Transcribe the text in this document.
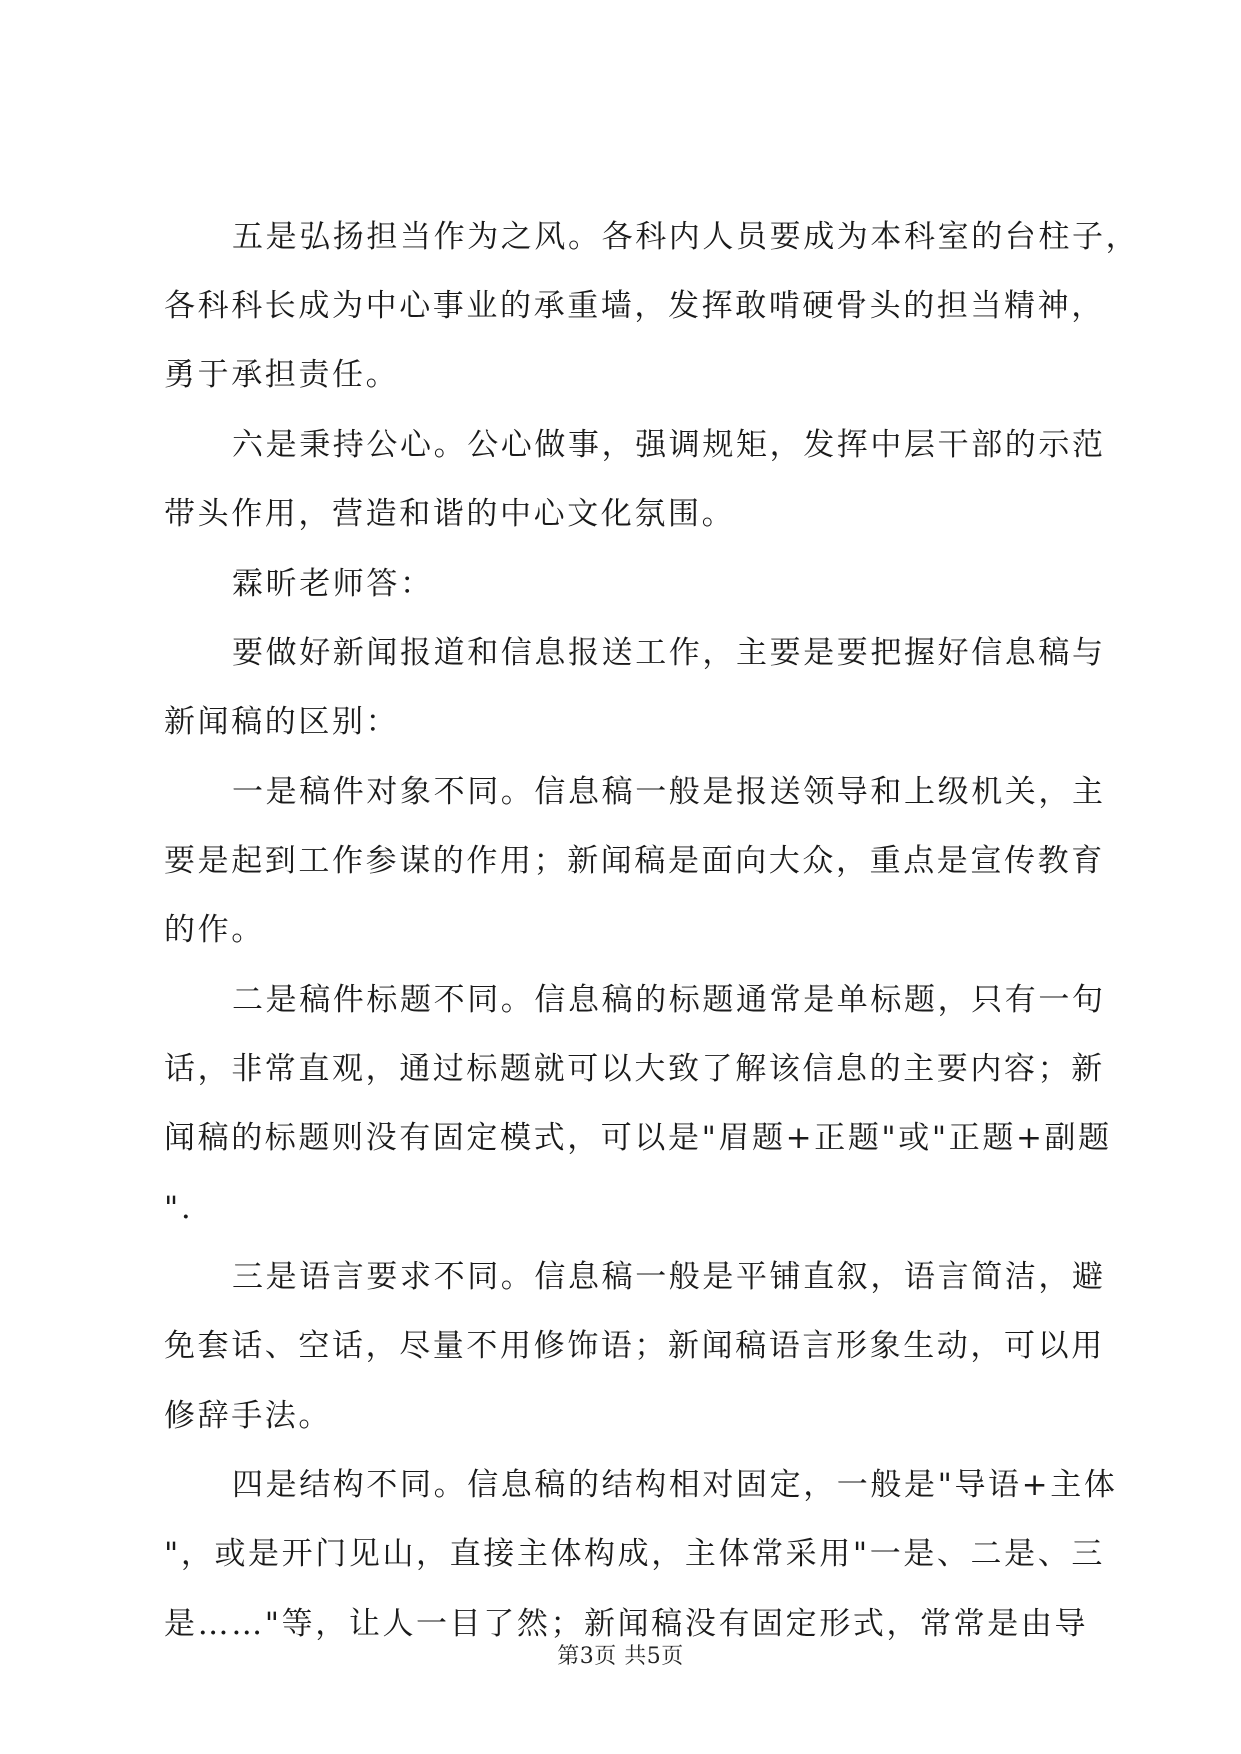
五是弘扬担当作为之风。各科内人员要成为本科室的台柱子，
各科科长成为中心事业的承重墙，发挥敢啃硬骨头的担当精神，
勇于承担责任。
六是秉持公心。公心做事，强调规矩，发挥中层干部的示范
带头作用，营造和谐的中心文化氛围。
霖昕老师答：
要做好新闻报道和信息报送工作，主要是要把握好信息稿与
新闻稿的区别：
一是稿件对象不同。信息稿一般是报送领导和上级机关，主
要是起到工作参谋的作用；新闻稿是面向大众，重点是宣传教育
的作。
二是稿件标题不同。信息稿的标题通常是单标题，只有一句
话，非常直观，通过标题就可以大致了解该信息的主要内容；新
闻稿的标题则没有固定模式，可以是"眉题+正题"或"正题+副题
".
三是语言要求不同。信息稿一般是平铺直叙，语言简洁，避
免套话、空话，尽量不用修饰语；新闻稿语言形象生动，可以用
修辞手法。
四是结构不同。信息稿的结构相对固定，一般是"导语+主体
"，或是开门见山，直接主体构成，主体常采用"一是、二是、三
是……"等，让人一目了然；新闻稿没有固定形式，常常是由导
第3页 共5页
